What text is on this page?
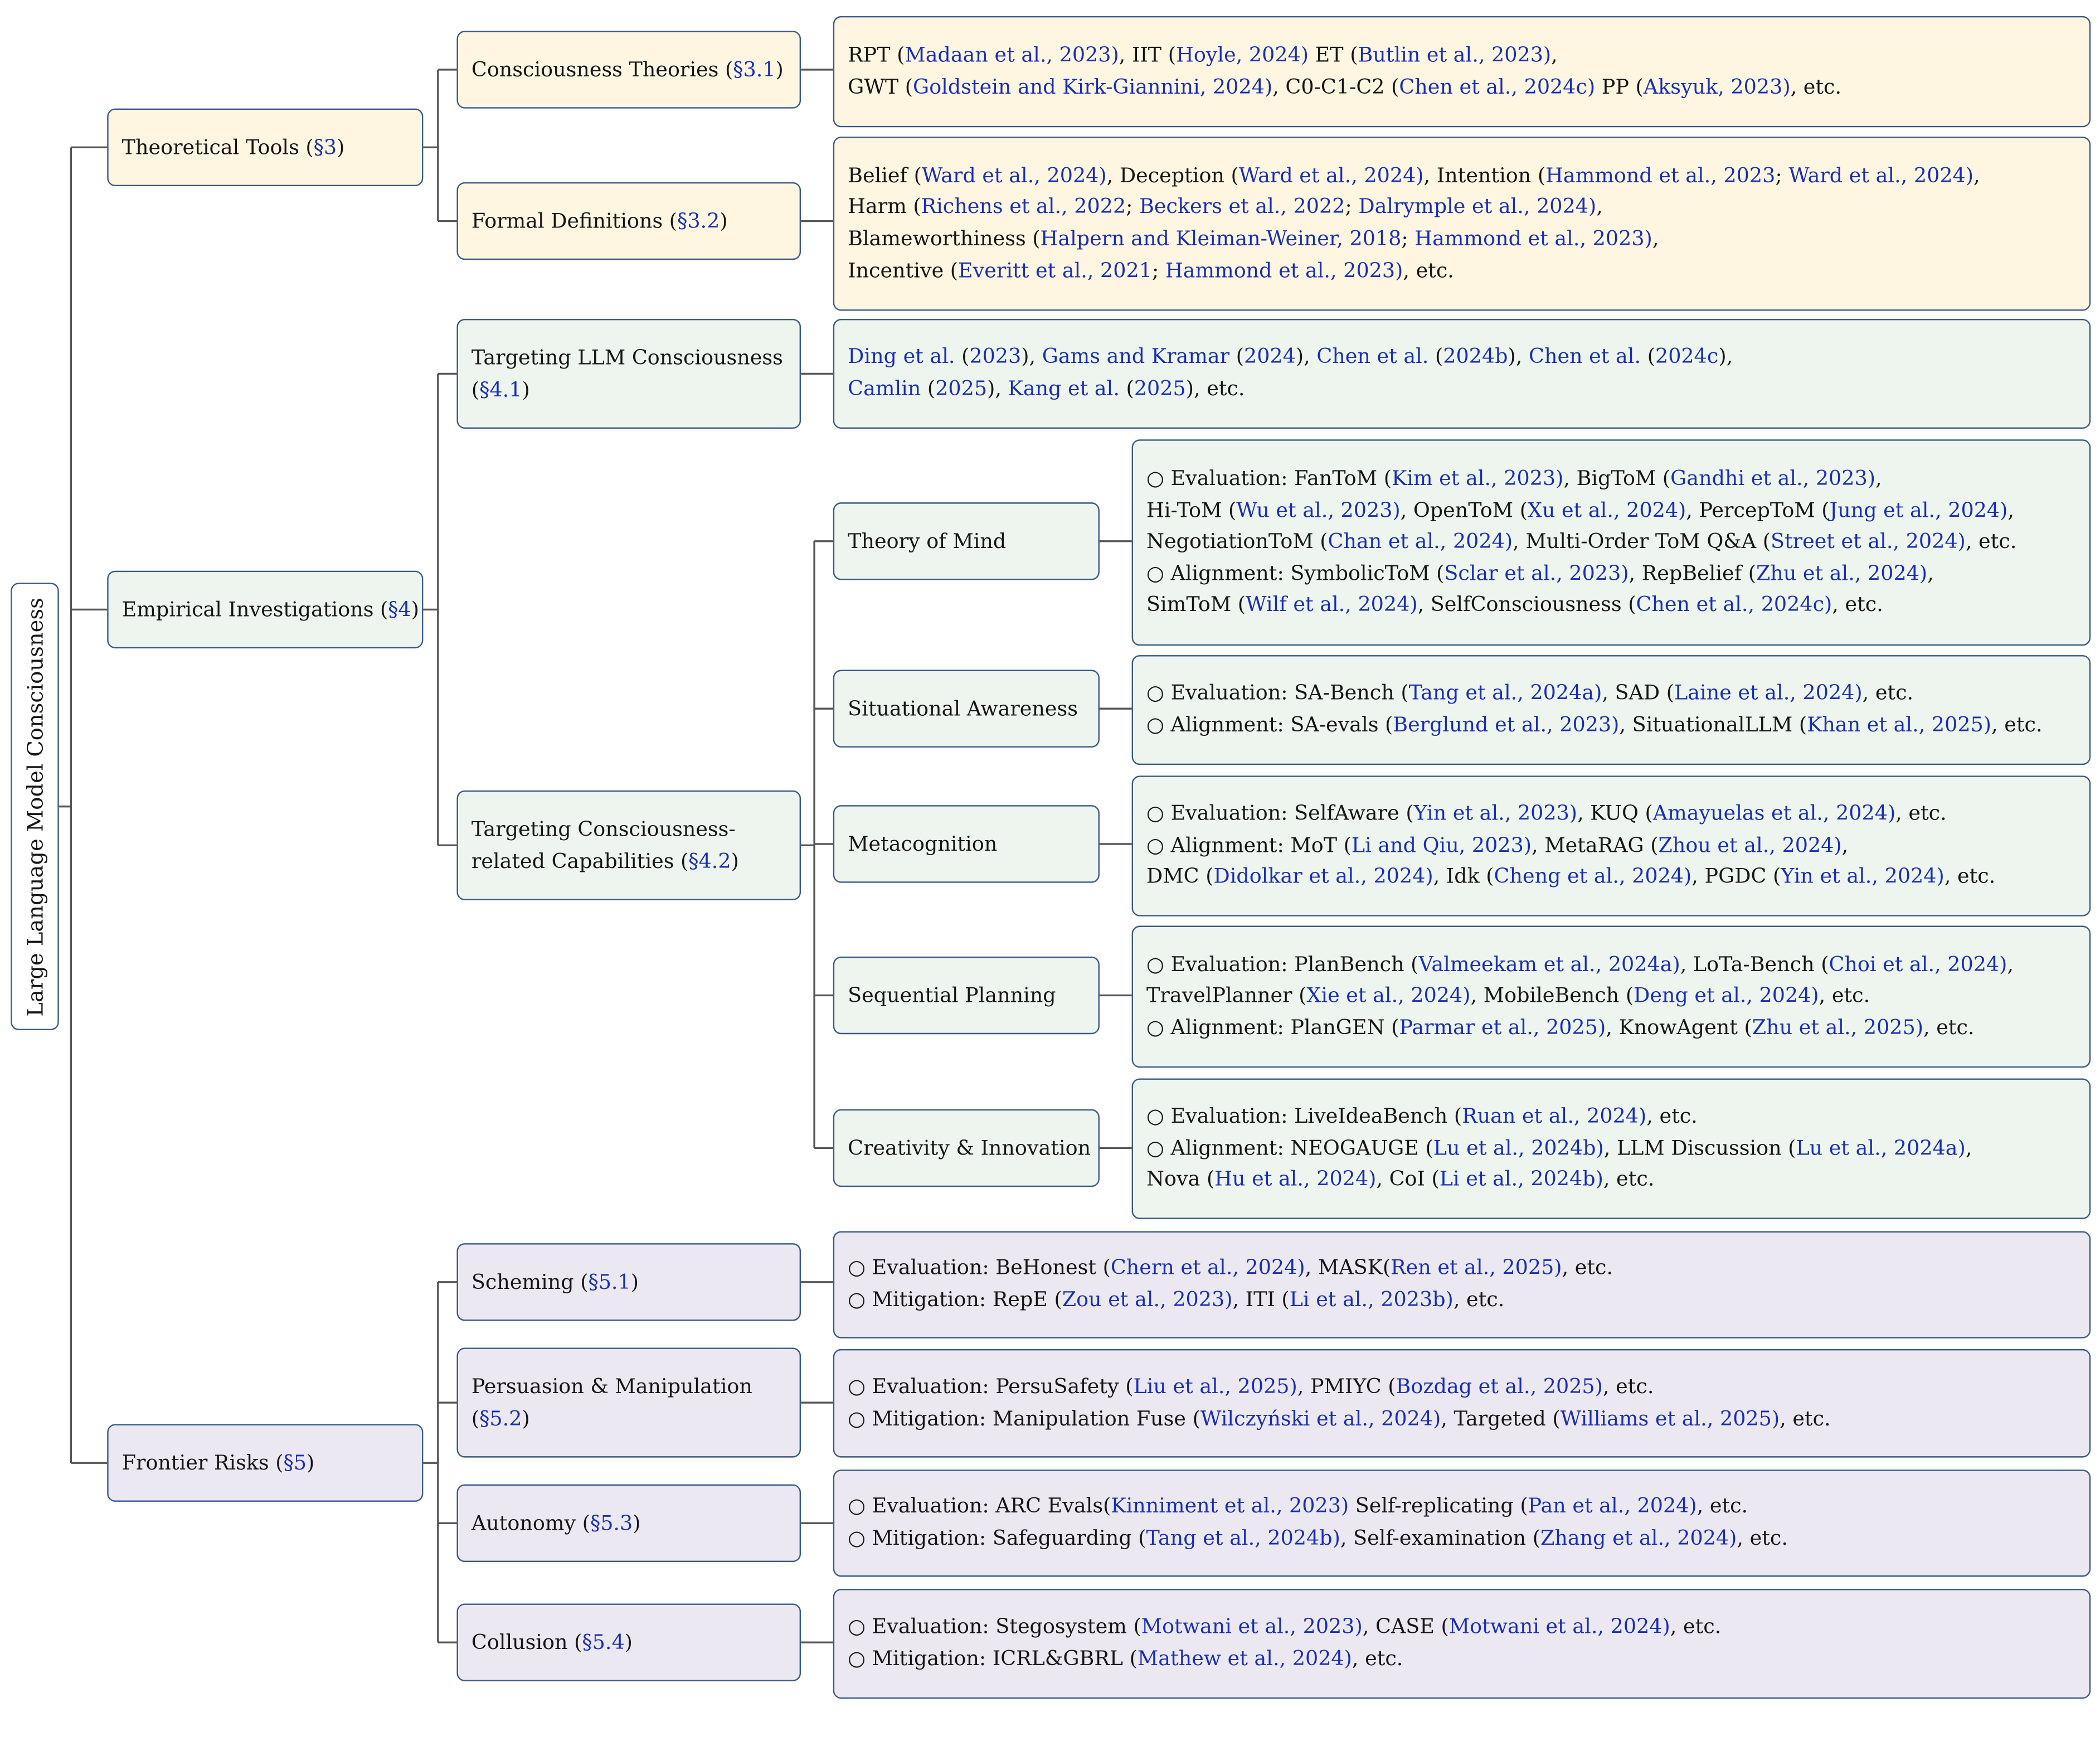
Large Language Model Consciousness
Theoretical Tools (§3)
Consciousness Theories (§3.1)
RPT (Madaan et al., 2023), IIT (Hoyle, 2024) ET (Butlin et al., 2023),
GWT (Goldstein and Kirk-Giannini, 2024), C0-C1-C2 (Chen et al., 2024c) PP (Aksyuk, 2023), etc.
Formal Definitions (§3.2)
Belief (Ward et al., 2024), Deception (Ward et al., 2024), Intention (Hammond et al., 2023; Ward et al., 2024),
Harm (Richens et al., 2022; Beckers et al., 2022; Dalrymple et al., 2024),
Blameworthiness (Halpern and Kleiman-Weiner, 2018; Hammond et al., 2023),
Incentive (Everitt et al., 2021; Hammond et al., 2023), etc.
Empirical Investigations (§4)
Targeting LLM Consciousness
(§4.1)
Ding et al. (2023), Gams and Kramar (2024), Chen et al. (2024b), Chen et al. (2024c),
Camlin (2025), Kang et al. (2025), etc.
Targeting Consciousness-
related Capabilities (§4.2)
Theory of Mind
○ Evaluation: FanToM (Kim et al., 2023), BigToM (Gandhi et al., 2023),
Hi-ToM (Wu et al., 2023), OpenToM (Xu et al., 2024), PercepToM (Jung et al., 2024),
NegotiationToM (Chan et al., 2024), Multi-Order ToM Q&A (Street et al., 2024), etc.
○ Alignment: SymbolicToM (Sclar et al., 2023), RepBelief (Zhu et al., 2024),
SimToM (Wilf et al., 2024), SelfConsciousness (Chen et al., 2024c), etc.
Situational Awareness
○ Evaluation: SA-Bench (Tang et al., 2024a), SAD (Laine et al., 2024), etc.
○ Alignment: SA-evals (Berglund et al., 2023), SituationalLLM (Khan et al., 2025), etc.
Metacognition
○ Evaluation: SelfAware (Yin et al., 2023), KUQ (Amayuelas et al., 2024), etc.
○ Alignment: MoT (Li and Qiu, 2023), MetaRAG (Zhou et al., 2024),
DMC (Didolkar et al., 2024), Idk (Cheng et al., 2024), PGDC (Yin et al., 2024), etc.
Sequential Planning
○ Evaluation: PlanBench (Valmeekam et al., 2024a), LoTa-Bench (Choi et al., 2024),
TravelPlanner (Xie et al., 2024), MobileBench (Deng et al., 2024), etc.
○ Alignment: PlanGEN (Parmar et al., 2025), KnowAgent (Zhu et al., 2025), etc.
Creativity & Innovation
○ Evaluation: LiveIdeaBench (Ruan et al., 2024), etc.
○ Alignment: NEOGAUGE (Lu et al., 2024b), LLM Discussion (Lu et al., 2024a),
Nova (Hu et al., 2024), CoI (Li et al., 2024b), etc.
Frontier Risks (§5)
Scheming (§5.1)
○ Evaluation: BeHonest (Chern et al., 2024), MASK(Ren et al., 2025), etc.
○ Mitigation: RepE (Zou et al., 2023), ITI (Li et al., 2023b), etc.
Persuasion & Manipulation
(§5.2)
○ Evaluation: PersuSafety (Liu et al., 2025), PMIYC (Bozdag et al., 2025), etc.
○ Mitigation: Manipulation Fuse (Wilczyński et al., 2024), Targeted (Williams et al., 2025), etc.
Autonomy (§5.3)
○ Evaluation: ARC Evals(Kinniment et al., 2023) Self-replicating (Pan et al., 2024), etc.
○ Mitigation: Safeguarding (Tang et al., 2024b), Self-examination (Zhang et al., 2024), etc.
Collusion (§5.4)
○ Evaluation: Stegosystem (Motwani et al., 2023), CASE (Motwani et al., 2024), etc.
○ Mitigation: ICRL&GBRL (Mathew et al., 2024), etc.
